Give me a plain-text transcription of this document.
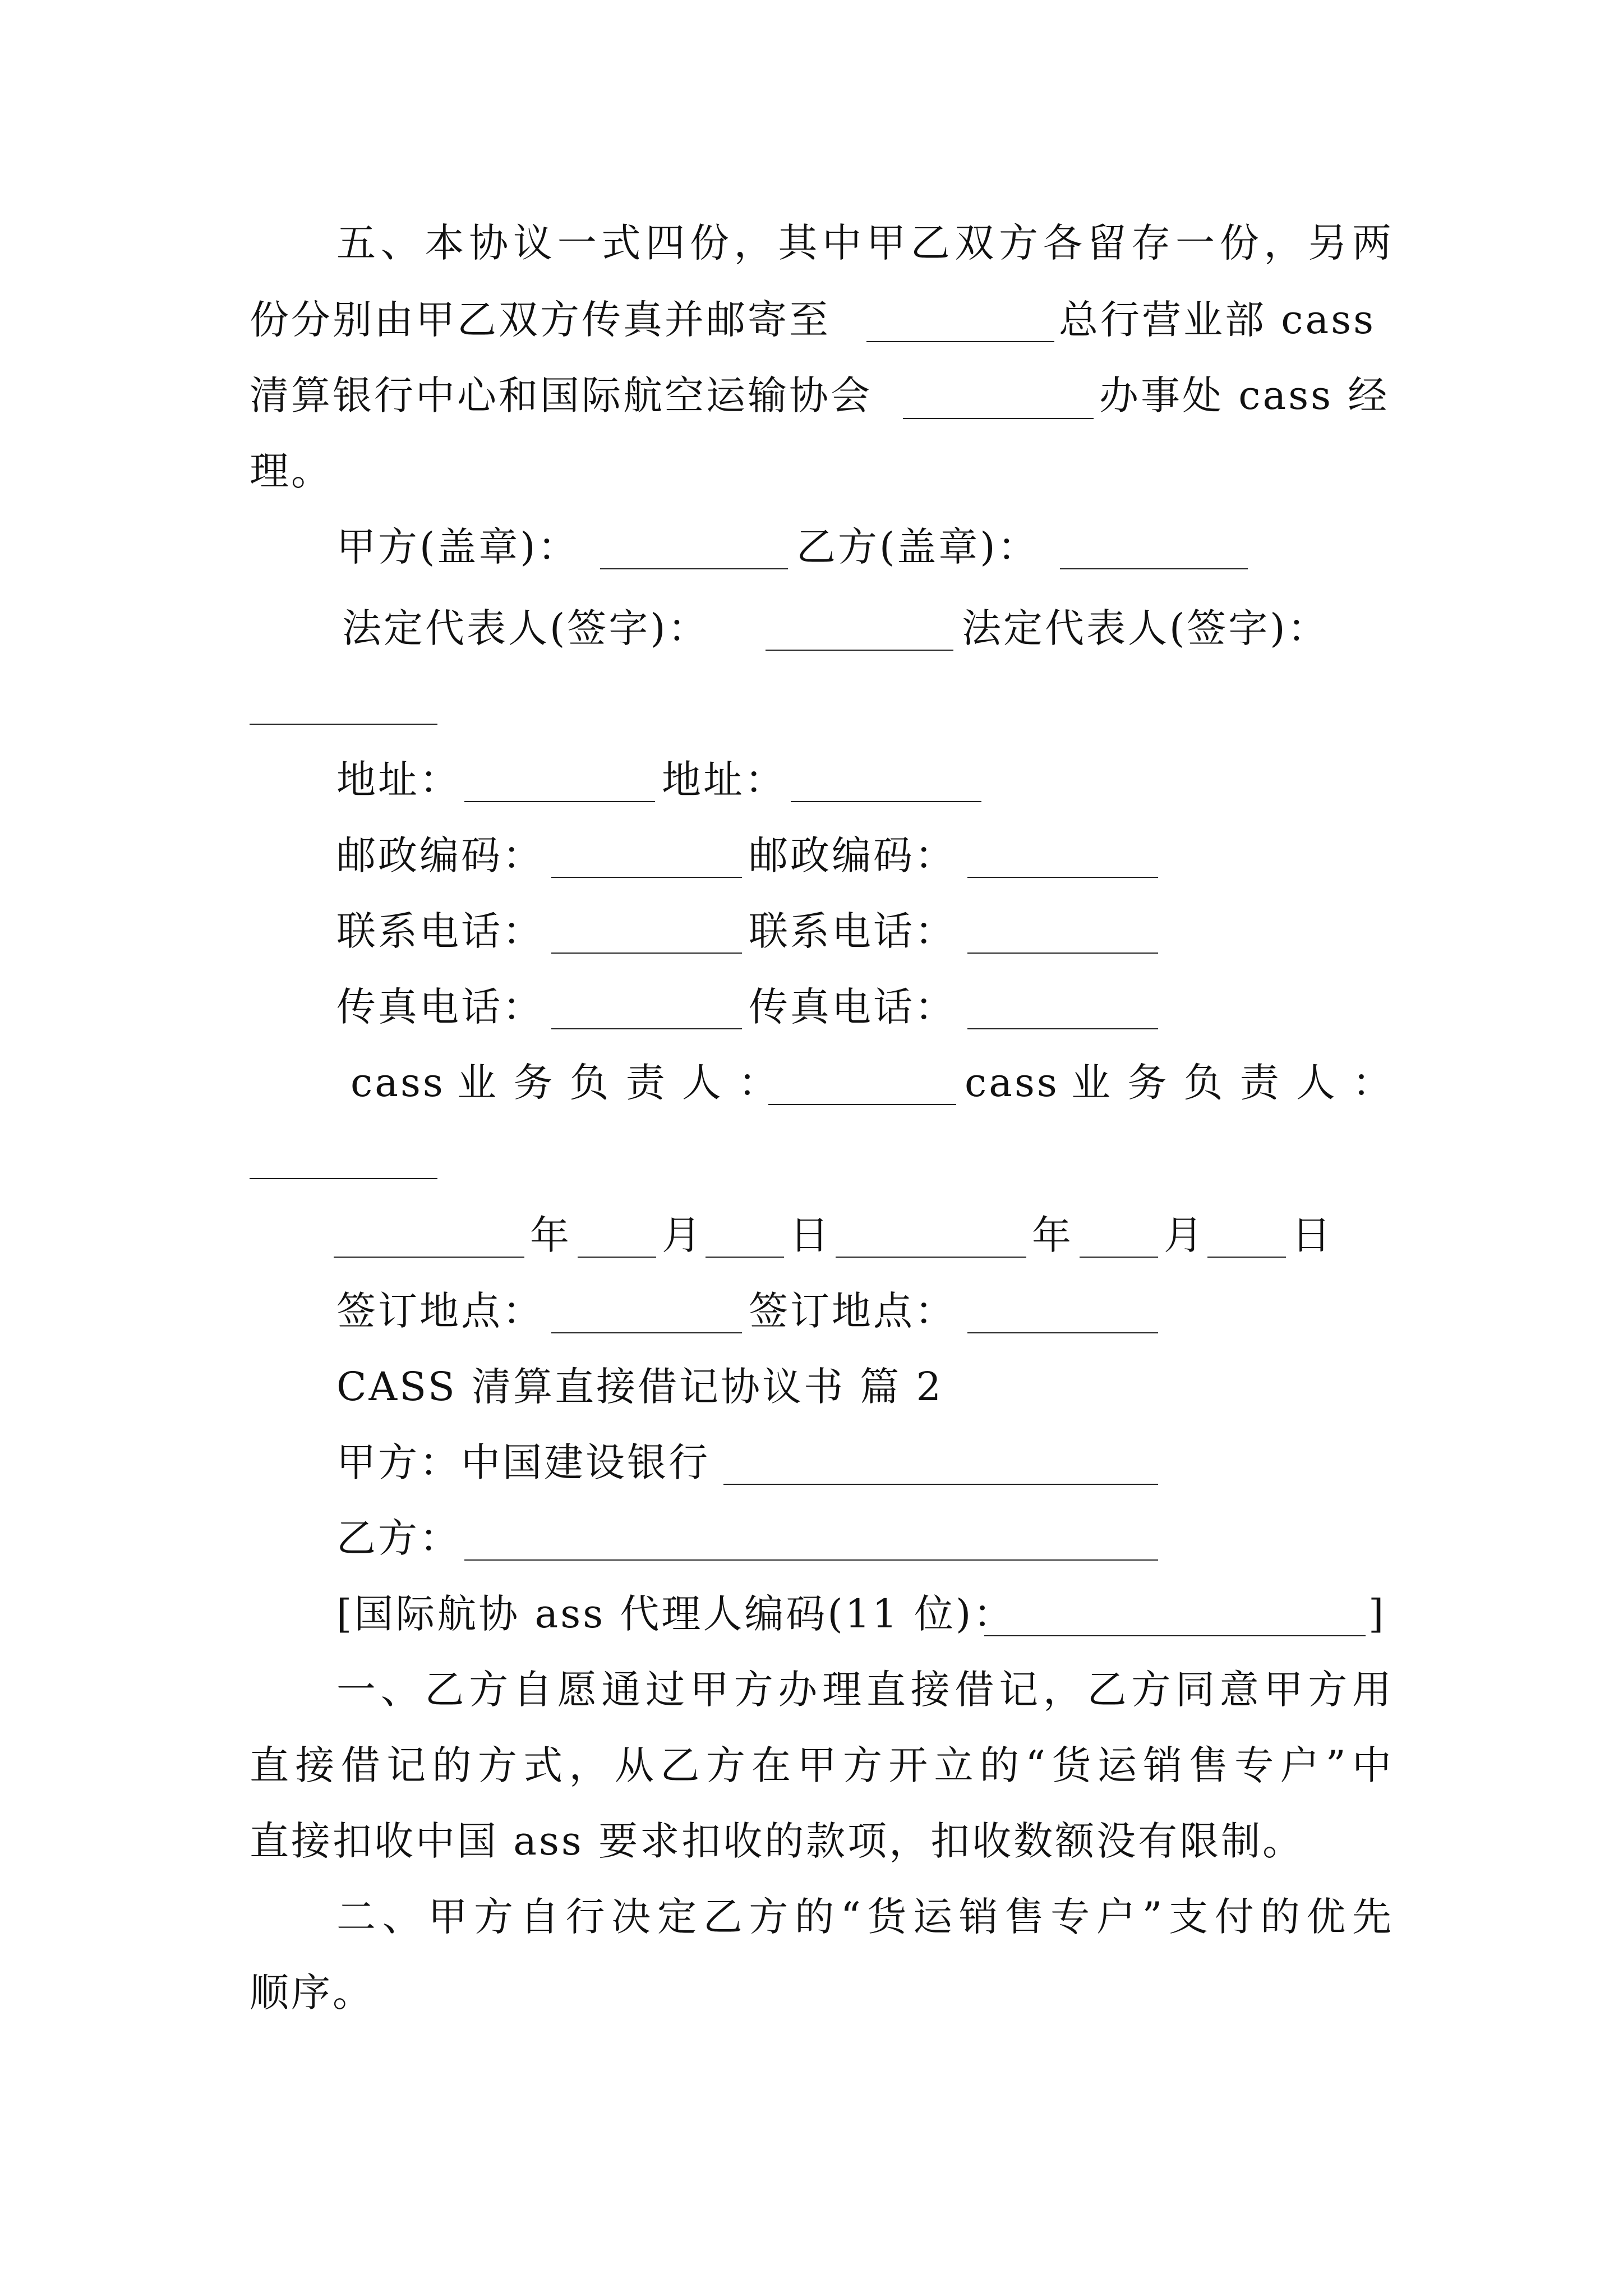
五、本协议一式四份，其中甲乙双方各留存一份，另两
份分别由甲乙双方传真并邮寄至	总行营业部 cass
清算银行中心和国际航空运输协会	办事处 cass 经
理。
甲方(盖章)：	乙方(盖章)：
法定代表人(签字)：	法定代表人(签字)：
地址：	地址：
邮政编码：	邮政编码：
联系电话：	联系电话：
传真电话：	传真电话：
cass 业 务 负 责 人 ：	cass 业 务 负 责 人 ：
年 月 日	年 月 日
签订地点：	签订地点：
CASS 清算直接借记协议书 篇 2
甲方：中国建设银行
乙方：
[国际航协 ass 代理人编码(11 位)：	]
一、乙方自愿通过甲方办理直接借记，乙方同意甲方用
直接借记的方式，从乙方在甲方开立的“货运销售专户”中
直接扣收中国 ass 要求扣收的款项，扣收数额没有限制。
二、甲方自行决定乙方的“货运销售专户”支付的优先
顺序。
